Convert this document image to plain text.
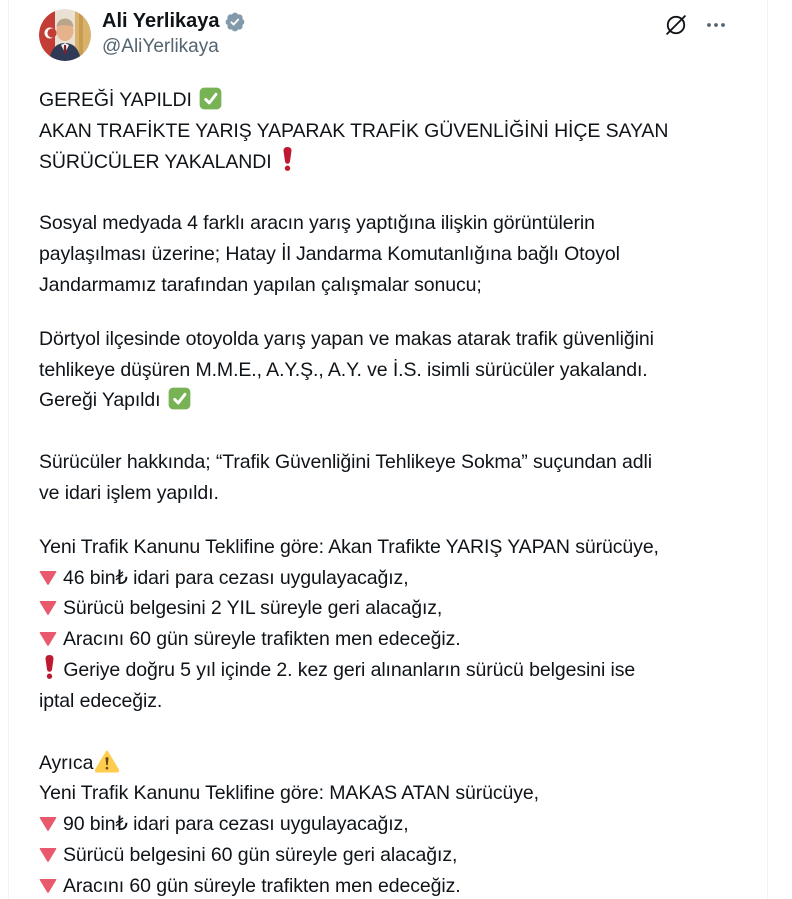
Ali Yerlikaya
@AliYerlikaya
GEREĞİ YAPILDI
AKAN TRAFİKTE YARIŞ YAPARAK TRAFİK GÜVENLİĞİNİ HİÇE SAYAN
SÜRÜCÜLER YAKALANDI
Sosyal medyada 4 farklı aracın yarış yaptığına ilişkin görüntülerin
paylaşılması üzerine; Hatay İl Jandarma Komutanlığına bağlı Otoyol
Jandarmamız tarafından yapılan çalışmalar sonucu;
Dörtyol ilçesinde otoyolda yarış yapan ve makas atarak trafik güvenliğini
tehlikeye düşüren M.M.E., A.Y.Ş., A.Y. ve İ.S. isimli sürücüler yakalandı.
Gereği Yapıldı
Sürücüler hakkında; “Trafik Güvenliğini Tehlikeye Sokma” suçundan adli
ve idari işlem yapıldı.
Yeni Trafik Kanunu Teklifine göre: Akan Trafikte YARIŞ YAPAN sürücüye,
46 bin₺ idari para cezası uygulayacağız,
Sürücü belgesini 2 YIL süreyle geri alacağız,
Aracını 60 gün süreyle trafikten men edeceğiz.
Geriye doğru 5 yıl içinde 2. kez geri alınanların sürücü belgesini ise
iptal edeceğiz.
Ayrıca
Yeni Trafik Kanunu Teklifine göre: MAKAS ATAN sürücüye,
90 bin₺ idari para cezası uygulayacağız,
Sürücü belgesini 60 gün süreyle geri alacağız,
Aracını 60 gün süreyle trafikten men edeceğiz.
